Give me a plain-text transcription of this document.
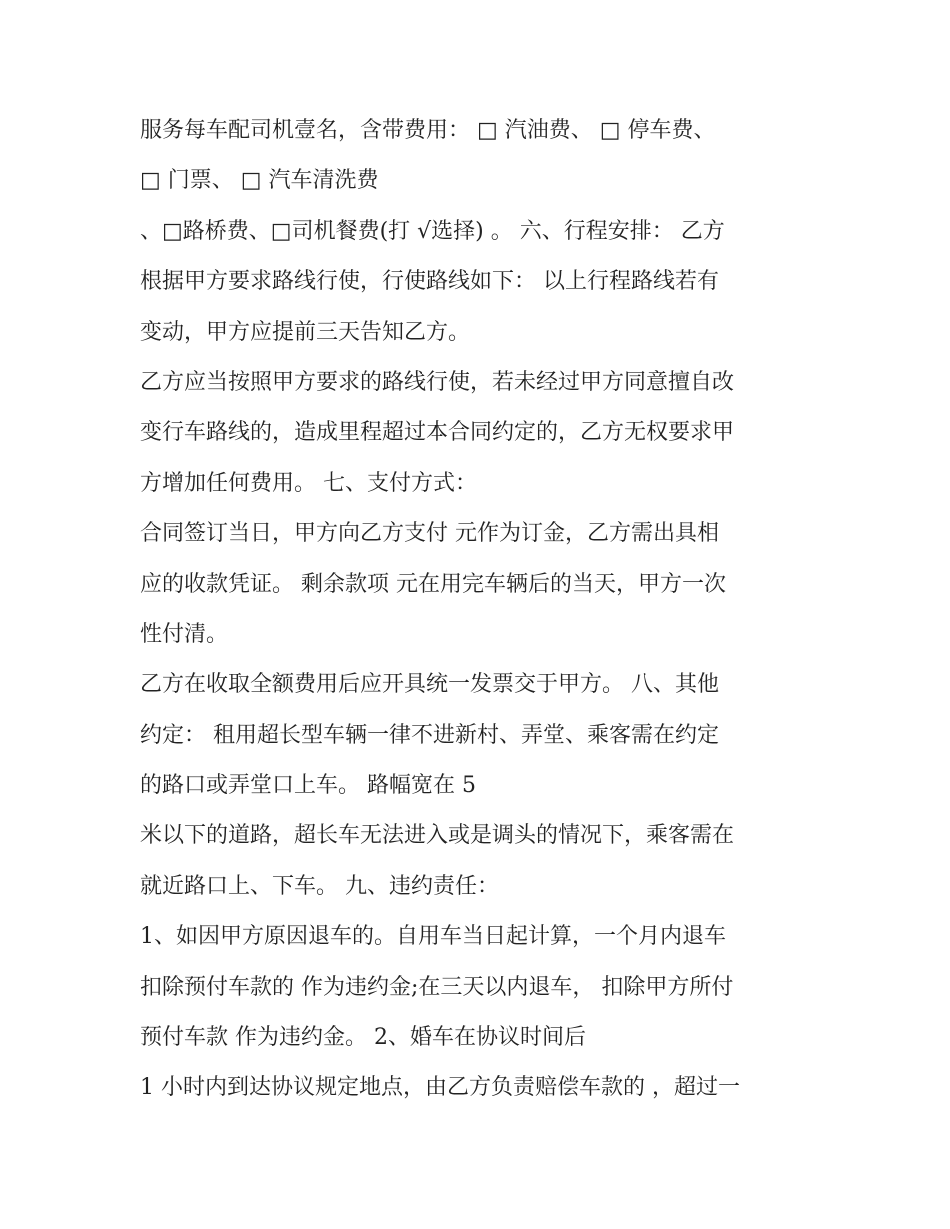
服务每车配司机壹名，含带费用： □ 汽油费、 □ 停车费、
□ 门票、 □ 汽车清洗费
、□路桥费、□司机餐费(打 √选择) 。 六、行程安排： 乙方
根据甲方要求路线行使，行使路线如下： 以上行程路线若有
变动，甲方应提前三天告知乙方。
乙方应当按照甲方要求的路线行使，若未经过甲方同意擅自改
变行车路线的，造成里程超过本合同约定的，乙方无权要求甲
方增加任何费用。 七、支付方式：
合同签订当日，甲方向乙方支付 元作为订金，乙方需出具相
应的收款凭证。 剩余款项 元在用完车辆后的当天，甲方一次
性付清。
乙方在收取全额费用后应开具统一发票交于甲方。 八、其他
约定： 租用超长型车辆一律不进新村、弄堂、乘客需在约定
的路口或弄堂口上车。 路幅宽在 5
米以下的道路，超长车无法进入或是调头的情况下，乘客需在
就近路口上、下车。 九、违约责任：
1、如因甲方原因退车的。自用车当日起计算，一个月内退车
扣除预付车款的 作为违约金;在三天以内退车， 扣除甲方所付
预付车款 作为违约金。 2、婚车在协议时间后
1 小时内到达协议规定地点，由乙方负责赔偿车款的 ，超过一
